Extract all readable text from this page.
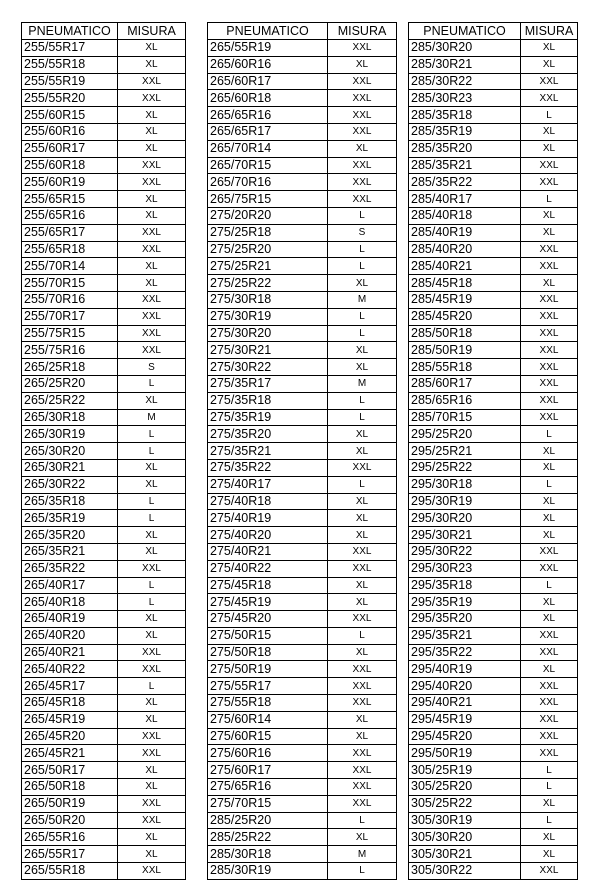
PNEUMATICO	MISURA
255/55R17	XL
255/55R18	XL
255/55R19	XXL
255/55R20	XXL
255/60R15	XL
255/60R16	XL
255/60R17	XL
255/60R18	XXL
255/60R19	XXL
255/65R15	XL
255/65R16	XL
255/65R17	XXL
255/65R18	XXL
255/70R14	XL
255/70R15	XL
255/70R16	XXL
255/70R17	XXL
255/75R15	XXL
255/75R16	XXL
265/25R18	S
265/25R20	L
265/25R22	XL
265/30R18	M
265/30R19	L
265/30R20	L
265/30R21	XL
265/30R22	XL
265/35R18	L
265/35R19	L
265/35R20	XL
265/35R21	XL
265/35R22	XXL
265/40R17	L
265/40R18	L
265/40R19	XL
265/40R20	XL
265/40R21	XXL
265/40R22	XXL
265/45R17	L
265/45R18	XL
265/45R19	XL
265/45R20	XXL
265/45R21	XXL
265/50R17	XL
265/50R18	XL
265/50R19	XXL
265/50R20	XXL
265/55R16	XL
265/55R17	XL
265/55R18	XXL
PNEUMATICO	MISURA
265/55R19	XXL
265/60R16	XL
265/60R17	XXL
265/60R18	XXL
265/65R16	XXL
265/65R17	XXL
265/70R14	XL
265/70R15	XXL
265/70R16	XXL
265/75R15	XXL
275/20R20	L
275/25R18	S
275/25R20	L
275/25R21	L
275/25R22	XL
275/30R18	M
275/30R19	L
275/30R20	L
275/30R21	XL
275/30R22	XL
275/35R17	M
275/35R18	L
275/35R19	L
275/35R20	XL
275/35R21	XL
275/35R22	XXL
275/40R17	L
275/40R18	XL
275/40R19	XL
275/40R20	XL
275/40R21	XXL
275/40R22	XXL
275/45R18	XL
275/45R19	XL
275/45R20	XXL
275/50R15	L
275/50R18	XL
275/50R19	XXL
275/55R17	XXL
275/55R18	XXL
275/60R14	XL
275/60R15	XL
275/60R16	XXL
275/60R17	XXL
275/65R16	XXL
275/70R15	XXL
285/25R20	L
285/25R22	XL
285/30R18	M
285/30R19	L
PNEUMATICO	MISURA
285/30R20	XL
285/30R21	XL
285/30R22	XXL
285/30R23	XXL
285/35R18	L
285/35R19	XL
285/35R20	XL
285/35R21	XXL
285/35R22	XXL
285/40R17	L
285/40R18	XL
285/40R19	XL
285/40R20	XXL
285/40R21	XXL
285/45R18	XL
285/45R19	XXL
285/45R20	XXL
285/50R18	XXL
285/50R19	XXL
285/55R18	XXL
285/60R17	XXL
285/65R16	XXL
285/70R15	XXL
295/25R20	L
295/25R21	XL
295/25R22	XL
295/30R18	L
295/30R19	XL
295/30R20	XL
295/30R21	XL
295/30R22	XXL
295/30R23	XXL
295/35R18	L
295/35R19	XL
295/35R20	XL
295/35R21	XXL
295/35R22	XXL
295/40R19	XL
295/40R20	XXL
295/40R21	XXL
295/45R19	XXL
295/45R20	XXL
295/50R19	XXL
305/25R19	L
305/25R20	L
305/25R22	XL
305/30R19	L
305/30R20	XL
305/30R21	XL
305/30R22	XXL
